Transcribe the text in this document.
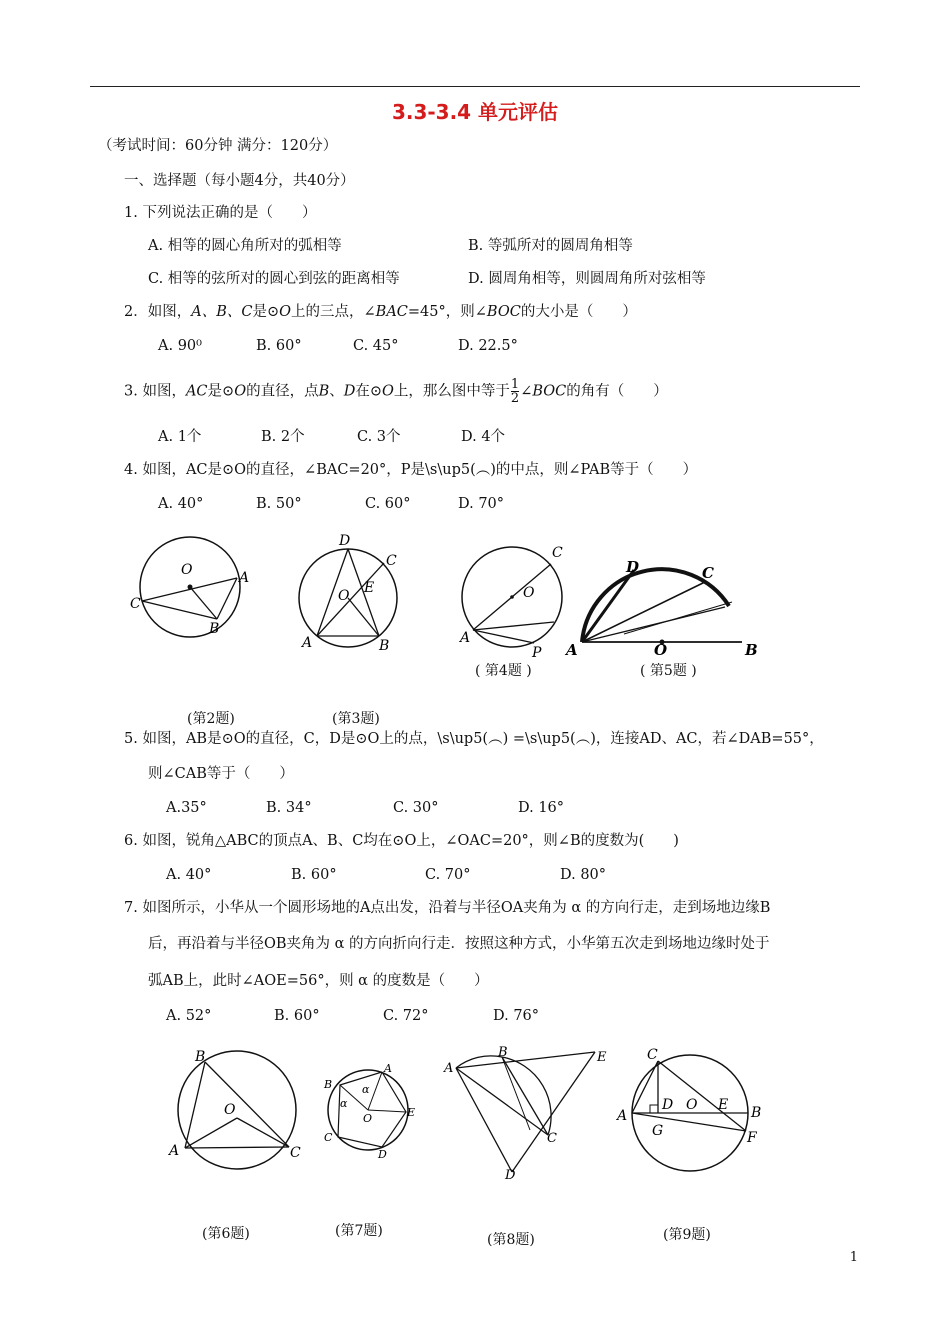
3.3-3.4 单元评估
（考试时间：60分钟 满分：120分）
一、选择题（每小题4分，共40分）
1. 下列说法正确的是（　　）
A. 相等的圆心角所对的弧相等	B. 等弧所对的圆周角相等
C. 相等的弦所对的圆心到弦的距离相等	D. 圆周角相等，则圆周角所对弦相等
2．如图，A、B、C是⊙O上的三点，∠BAC=45°，则∠BOC的大小是（　　）
A. 90⁰	B. 60°	C. 45°	D. 22.5°
3. 如图，AC是⊙O的直径，点B、D在⊙O上，那么图中等于 $\frac{1}{2}$ ∠BOC的角有（　　）
A. 1个	B. 2个	C. 3个	D. 4个
4. 如图，AC是⊙O的直径，∠BAC=20°，P是\s\up5(︵)的中点，则∠PAB等于（　　）
A. 40°	B. 50°	C. 60°	D. 70°
O	A
C
B
D
C
O E
A	B
C
O
A
P
D	C
A	O	B
( 第4题 )	( 第5题 )
(第2题)	(第3题)
5. 如图，AB是⊙O的直径，C，D是⊙O上的点，\s\up5(︵) =\s\up5(︵)，连接AD、AC，若∠DAB=55°，
则∠CAB等于（　　）
A.35°	B. 34°	C. 30°	D. 16°
6. 如图，锐角△ABC的顶点A、B、C均在⊙O上，∠OAC=20°，则∠B的度数为(　　)
A. 40°	B. 60°	C. 70°	D. 80°
7. 如图所示，小华从一个圆形场地的A点出发，沿着与半径OA夹角为 α 的方向行走，走到场地边缘B
后，再沿着与半径OB夹角为 α 的方向折向行走．按照这种方式，小华第五次走到场地边缘时处于
弧AB上，此时∠AOE=56°，则 α 的度数是（　　）
A. 52°	B. 60°	C. 72°	D. 76°
B
O
A	C
A
B	α
α
E
O
C
D
A
B	E
C
D
C
A
D O E B
G	F
(第6题)	(第7题)
(第8题)	(第9题)
1
